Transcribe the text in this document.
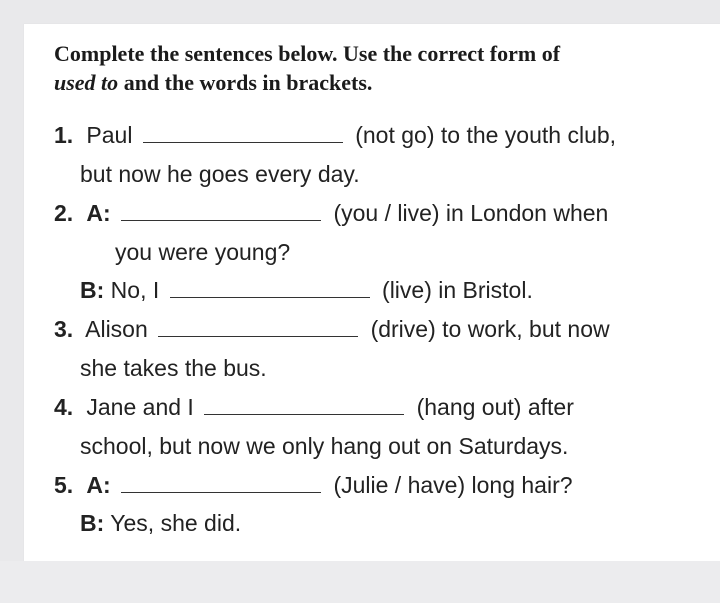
Complete the sentences below. Use the correct form of
used to and the words in brackets.

1. Paul	(not go) to the youth club,
but now he goes every day.
2. A:	(you / live) in London when
you were young?
B: No, I	(live) in Bristol.
3. Alison	(drive) to work, but now
she takes the bus.
4. Jane and I	(hang out) after
school, but now we only hang out on Saturdays.
5. A:	(Julie / have) long hair?
B: Yes, she did.
